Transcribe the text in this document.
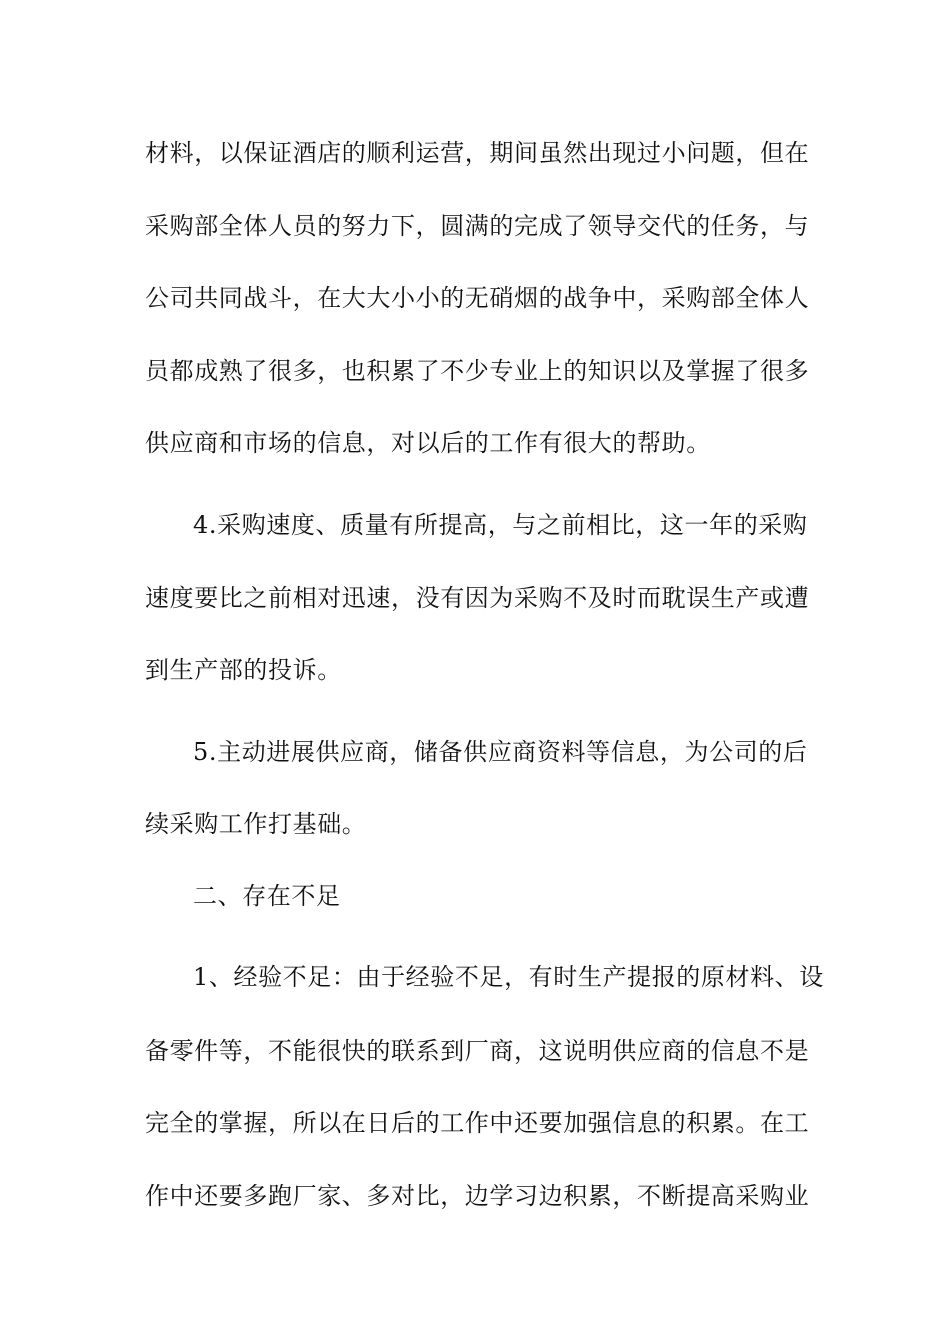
材料，以保证酒店的顺利运营，期间虽然出现过小问题，但在
采购部全体人员的努力下，圆满的完成了领导交代的任务，与
公司共同战斗，在大大小小的无硝烟的战争中，采购部全体人
员都成熟了很多，也积累了不少专业上的知识以及掌握了很多
供应商和市场的信息，对以后的工作有很大的帮助。
4.采购速度、质量有所提高，与之前相比，这一年的采购
速度要比之前相对迅速，没有因为采购不及时而耽误生产或遭
到生产部的投诉。
5.主动进展供应商，储备供应商资料等信息，为公司的后
续采购工作打基础。
二、存在不足
1、经验不足：由于经验不足，有时生产提报的原材料、设
备零件等，不能很快的联系到厂商，这说明供应商的信息不是
完全的掌握，所以在日后的工作中还要加强信息的积累。在工
作中还要多跑厂家、多对比，边学习边积累，不断提高采购业
